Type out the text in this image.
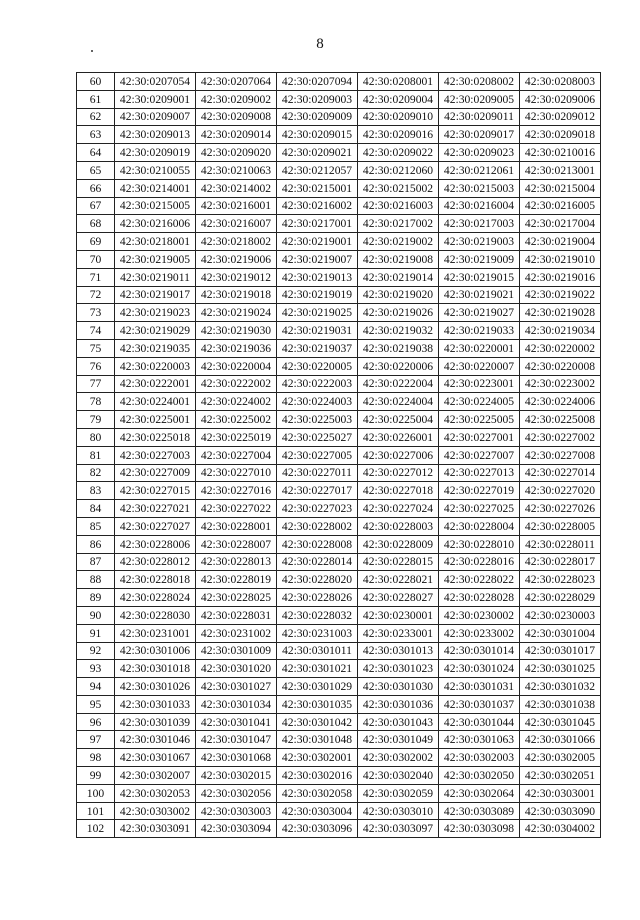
8
60	42:30:0207054	42:30:0207064	42:30:0207094	42:30:0208001	42:30:0208002	42:30:0208003
61	42:30:0209001	42:30:0209002	42:30:0209003	42:30:0209004	42:30:0209005	42:30:0209006
62	42:30:0209007	42:30:0209008	42:30:0209009	42:30:0209010	42:30:0209011	42:30:0209012
63	42:30:0209013	42:30:0209014	42:30:0209015	42:30:0209016	42:30:0209017	42:30:0209018
64	42:30:0209019	42:30:0209020	42:30:0209021	42:30:0209022	42:30:0209023	42:30:0210016
65	42:30:0210055	42:30:0210063	42:30:0212057	42:30:0212060	42:30:0212061	42:30:0213001
66	42:30:0214001	42:30:0214002	42:30:0215001	42:30:0215002	42:30:0215003	42:30:0215004
67	42:30:0215005	42:30:0216001	42:30:0216002	42:30:0216003	42:30:0216004	42:30:0216005
68	42:30:0216006	42:30:0216007	42:30:0217001	42:30:0217002	42:30:0217003	42:30:0217004
69	42:30:0218001	42:30:0218002	42:30:0219001	42:30:0219002	42:30:0219003	42:30:0219004
70	42:30:0219005	42:30:0219006	42:30:0219007	42:30:0219008	42:30:0219009	42:30:0219010
71	42:30:0219011	42:30:0219012	42:30:0219013	42:30:0219014	42:30:0219015	42:30:0219016
72	42:30:0219017	42:30:0219018	42:30:0219019	42:30:0219020	42:30:0219021	42:30:0219022
73	42:30:0219023	42:30:0219024	42:30:0219025	42:30:0219026	42:30:0219027	42:30:0219028
74	42:30:0219029	42:30:0219030	42:30:0219031	42:30:0219032	42:30:0219033	42:30:0219034
75	42:30:0219035	42:30:0219036	42:30:0219037	42:30:0219038	42:30:0220001	42:30:0220002
76	42:30:0220003	42:30:0220004	42:30:0220005	42:30:0220006	42:30:0220007	42:30:0220008
77	42:30:0222001	42:30:0222002	42:30:0222003	42:30:0222004	42:30:0223001	42:30:0223002
78	42:30:0224001	42:30:0224002	42:30:0224003	42:30:0224004	42:30:0224005	42:30:0224006
79	42:30:0225001	42:30:0225002	42:30:0225003	42:30:0225004	42:30:0225005	42:30:0225008
80	42:30:0225018	42:30:0225019	42:30:0225027	42:30:0226001	42:30:0227001	42:30:0227002
81	42:30:0227003	42:30:0227004	42:30:0227005	42:30:0227006	42:30:0227007	42:30:0227008
82	42:30:0227009	42:30:0227010	42:30:0227011	42:30:0227012	42:30:0227013	42:30:0227014
83	42:30:0227015	42:30:0227016	42:30:0227017	42:30:0227018	42:30:0227019	42:30:0227020
84	42:30:0227021	42:30:0227022	42:30:0227023	42:30:0227024	42:30:0227025	42:30:0227026
85	42:30:0227027	42:30:0228001	42:30:0228002	42:30:0228003	42:30:0228004	42:30:0228005
86	42:30:0228006	42:30:0228007	42:30:0228008	42:30:0228009	42:30:0228010	42:30:0228011
87	42:30:0228012	42:30:0228013	42:30:0228014	42:30:0228015	42:30:0228016	42:30:0228017
88	42:30:0228018	42:30:0228019	42:30:0228020	42:30:0228021	42:30:0228022	42:30:0228023
89	42:30:0228024	42:30:0228025	42:30:0228026	42:30:0228027	42:30:0228028	42:30:0228029
90	42:30:0228030	42:30:0228031	42:30:0228032	42:30:0230001	42:30:0230002	42:30:0230003
91	42:30:0231001	42:30:0231002	42:30:0231003	42:30:0233001	42:30:0233002	42:30:0301004
92	42:30:0301006	42:30:0301009	42:30:0301011	42:30:0301013	42:30:0301014	42:30:0301017
93	42:30:0301018	42:30:0301020	42:30:0301021	42:30:0301023	42:30:0301024	42:30:0301025
94	42:30:0301026	42:30:0301027	42:30:0301029	42:30:0301030	42:30:0301031	42:30:0301032
95	42:30:0301033	42:30:0301034	42:30:0301035	42:30:0301036	42:30:0301037	42:30:0301038
96	42:30:0301039	42:30:0301041	42:30:0301042	42:30:0301043	42:30:0301044	42:30:0301045
97	42:30:0301046	42:30:0301047	42:30:0301048	42:30:0301049	42:30:0301063	42:30:0301066
98	42:30:0301067	42:30:0301068	42:30:0302001	42:30:0302002	42:30:0302003	42:30:0302005
99	42:30:0302007	42:30:0302015	42:30:0302016	42:30:0302040	42:30:0302050	42:30:0302051
100	42:30:0302053	42:30:0302056	42:30:0302058	42:30:0302059	42:30:0302064	42:30:0303001
101	42:30:0303002	42:30:0303003	42:30:0303004	42:30:0303010	42:30:0303089	42:30:0303090
102	42:30:0303091	42:30:0303094	42:30:0303096	42:30:0303097	42:30:0303098	42:30:0304002
